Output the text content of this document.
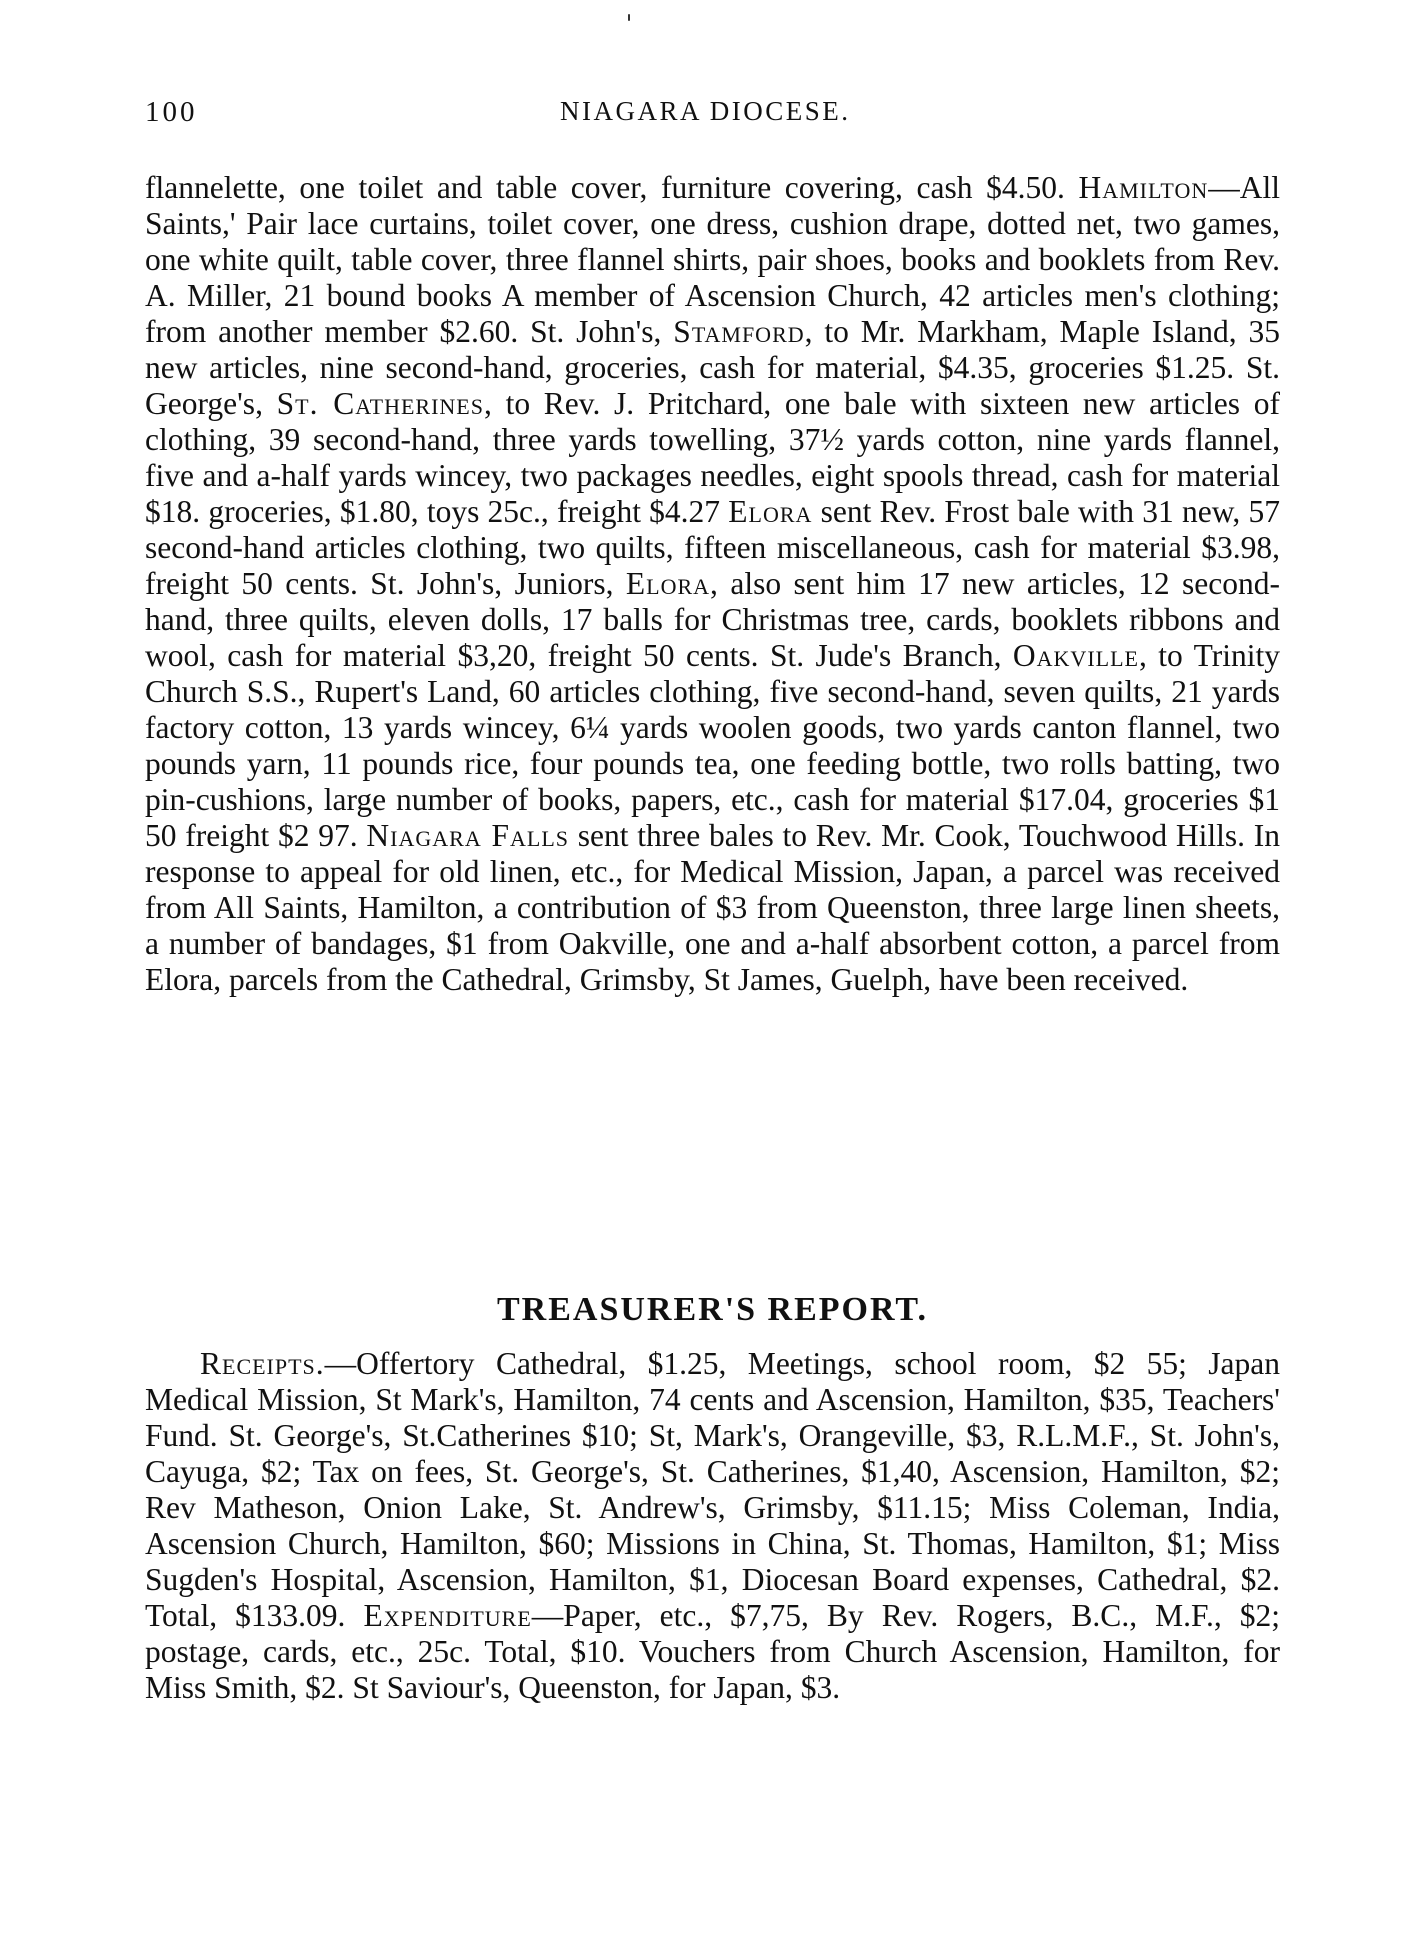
100	NIAGARA DIOCESE.

flannelette, one toilet and table cover, furniture covering, cash $4.50. Hamilton—All Saints,' Pair lace curtains, toilet cover, one dress, cushion drape, dotted net, two games, one white quilt, table cover, three flannel shirts, pair shoes, books and booklets from Rev. A. Miller, 21 bound books A member of Ascension Church, 42 articles men's clothing; from another member $2.60. St. John's, Stamford, to Mr. Markham, Maple Island, 35 new articles, nine second-hand, groceries, cash for material, $4.35, groceries $1.25. St. George's, St. Catherines, to Rev. J. Pritchard, one bale with sixteen new articles of clothing, 39 second-hand, three yards towelling, 37½ yards cotton, nine yards flannel, five and a-half yards wincey, two packages needles, eight spools thread, cash for material $18. groceries, $1.80, toys 25c., freight $4.27 Elora sent Rev. Frost bale with 31 new, 57 second-hand articles clothing, two quilts, fifteen miscellaneous, cash for material $3.98, freight 50 cents. St. John's, Juniors, Elora, also sent him 17 new articles, 12 second-hand, three quilts, eleven dolls, 17 balls for Christmas tree, cards, booklets ribbons and wool, cash for material $3,20, freight 50 cents. St. Jude's Branch, Oakville, to Trinity Church S.S., Rupert's Land, 60 articles clothing, five second-hand, seven quilts, 21 yards factory cotton, 13 yards wincey, 6¼ yards woolen goods, two yards canton flannel, two pounds yarn, 11 pounds rice, four pounds tea, one feeding bottle, two rolls batting, two pin-cushions, large number of books, papers, etc., cash for material $17.04, groceries $1 50 freight $2 97. Niagara Falls sent three bales to Rev. Mr. Cook, Touchwood Hills. In response to appeal for old linen, etc., for Medical Mission, Japan, a parcel was received from All Saints, Hamilton, a contribution of $3 from Queenston, three large linen sheets, a number of bandages, $1 from Oakville, one and a-half absorbent cotton, a parcel from Elora, parcels from the Cathedral, Grimsby, St James, Guelph, have been received.

TREASURER'S REPORT.

Receipts.—Offertory Cathedral, $1.25, Meetings, school room, $2 55; Japan Medical Mission, St Mark's, Hamilton, 74 cents and Ascension, Hamilton, $35, Teachers' Fund. St. George's, St.Catherines $10; St, Mark's, Orangeville, $3, R.L.M.F., St. John's, Cayuga, $2; Tax on fees, St. George's, St. Catherines, $1,40, Ascension, Hamilton, $2; Rev Matheson, Onion Lake, St. Andrew's, Grimsby, $11.15; Miss Coleman, India, Ascension Church, Hamilton, $60; Missions in China, St. Thomas, Hamilton, $1; Miss Sugden's Hospital, Ascension, Hamilton, $1, Diocesan Board expenses, Cathedral, $2. Total, $133.09. Expenditure—Paper, etc., $7,75, By Rev. Rogers, B.C., M.F., $2; postage, cards, etc., 25c. Total, $10. Vouchers from Church Ascension, Hamilton, for Miss Smith, $2. St Saviour's, Queenston, for Japan, $3.
